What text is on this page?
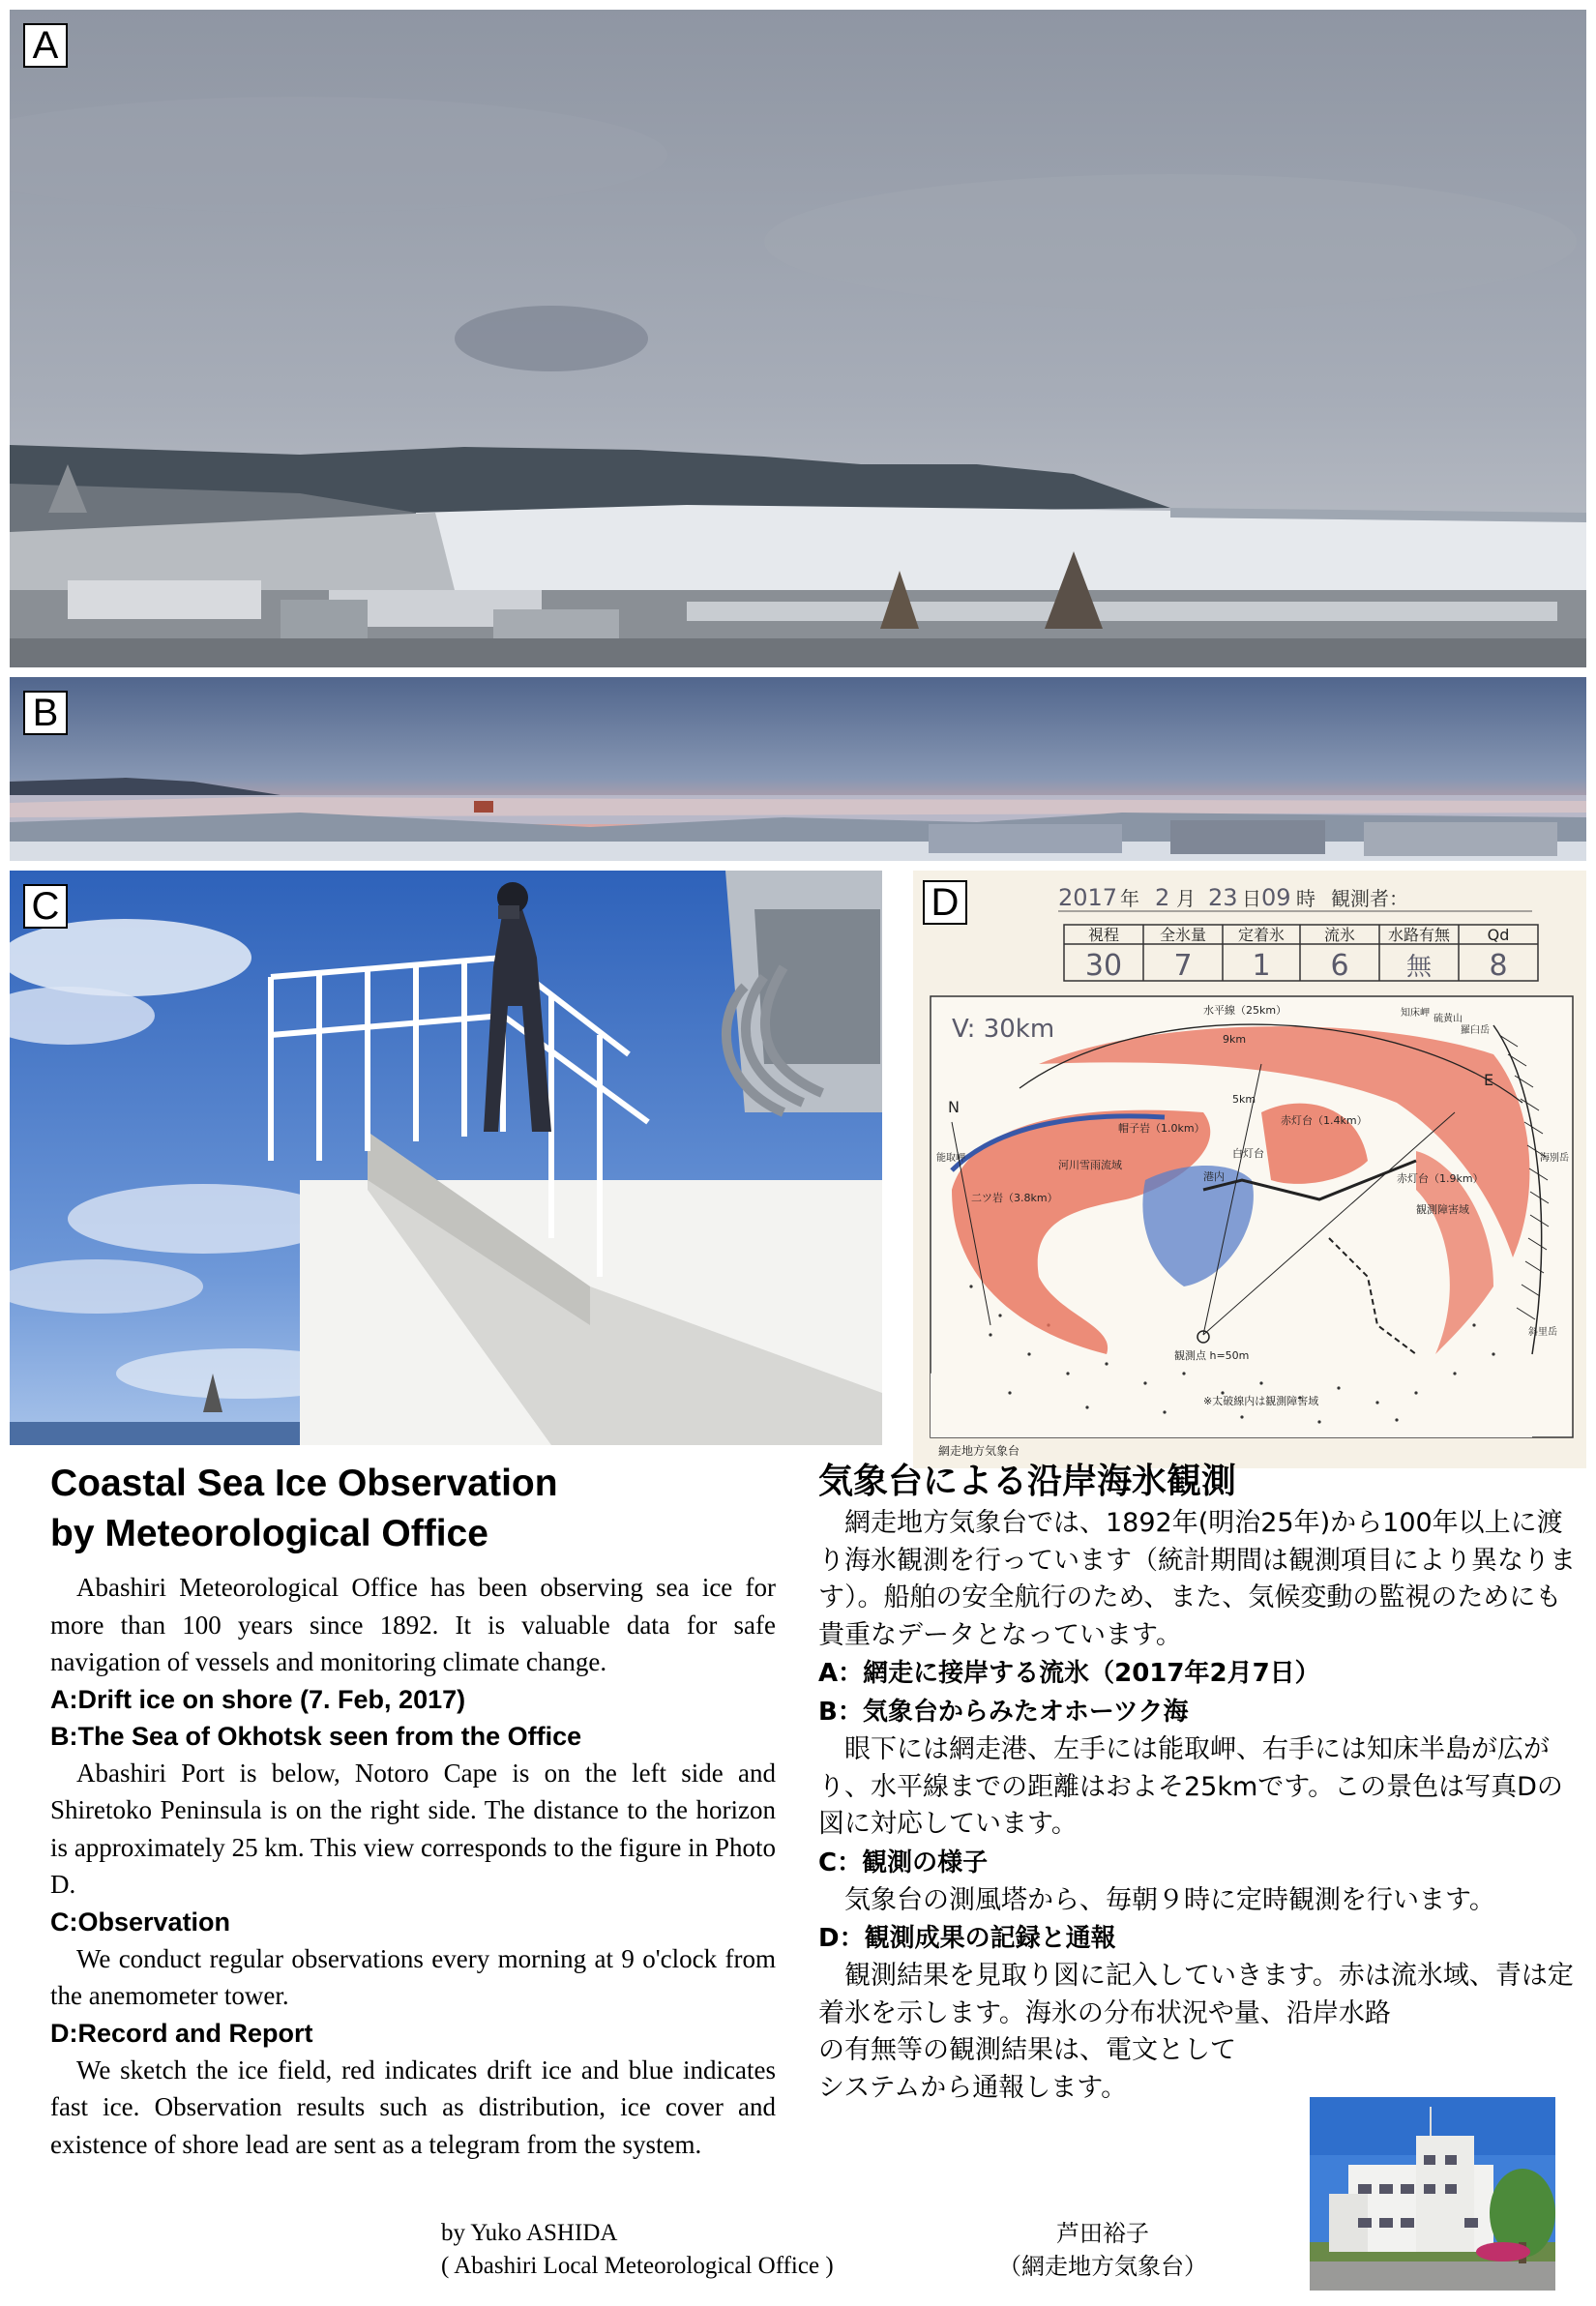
A
B
C	2017 年 2 月 23 日 09 時 観測者：
視程	全氷量 定着氷	流氷 水路有無 Qd
30 7 1 6 無 8
V: 30km
水平線（25km）
9km
5km
N
E
帽子岩（1.0km）
赤灯台（1.4km）
白灯台
港内
河川雪雨流域
二ツ岩（3.8km）
赤灯台（1.9km）
観測障害域
観測点 h=50m
※太破線内は観測障害域
網走地方気象台
知床岬
硫黄山
羅臼岳
能取岬	海別岳
斜里岳
D
Coastal Sea Ice Observation
by Meteorological Office

Abashiri Meteorological Office has been observing sea ice for more than 100 years since 1892. It is valuable data for safe navigation of vessels and monitoring climate change.

A:Drift ice on shore (7. Feb, 2017)

B:The Sea of Okhotsk seen from the Office

Abashiri Port is below, Notoro Cape is on the left side and Shiretoko Peninsula is on the right side. The distance to the horizon is approximately 25 km. This view corresponds to the figure in Photo D.

C:Observation

We conduct regular observations every morning at 9 o'clock from the anemometer tower.

D:Record and Report

We sketch the ice field, red indicates drift ice and blue indicates fast ice. Observation results such as distribution, ice cover and existence of shore lead are sent as a telegram from the system.

気象台による沿岸海氷観測

網走地方気象台では、1892年(明治25年)から100年以上に渡り海氷観測を行っています（統計期間は観測項目により異なります）。船舶の安全航行のため、また、気候変動の監視のためにも貴重なデータとなっています。

A：網走に接岸する流氷（2017年2月7日）

B：気象台からみたオホーツク海

眼下には網走港、左手には能取岬、右手には知床半島が広がり、水平線までの距離はおよそ25kmです。この景色は写真Dの図に対応しています。

C：観測の様子

気象台の測風塔から、毎朝９時に定時観測を行います。

D：観測成果の記録と通報

観測結果を見取り図に記入していきます。赤は流氷域、青は定着氷を示します。海氷の分布状況や量、沿岸水路

の有無等の観測結果は、電文として

システムから通報します。

by Yuko ASHIDA
( Abashiri Local Meteorological Office )
芦田裕子
（網走地方気象台）
